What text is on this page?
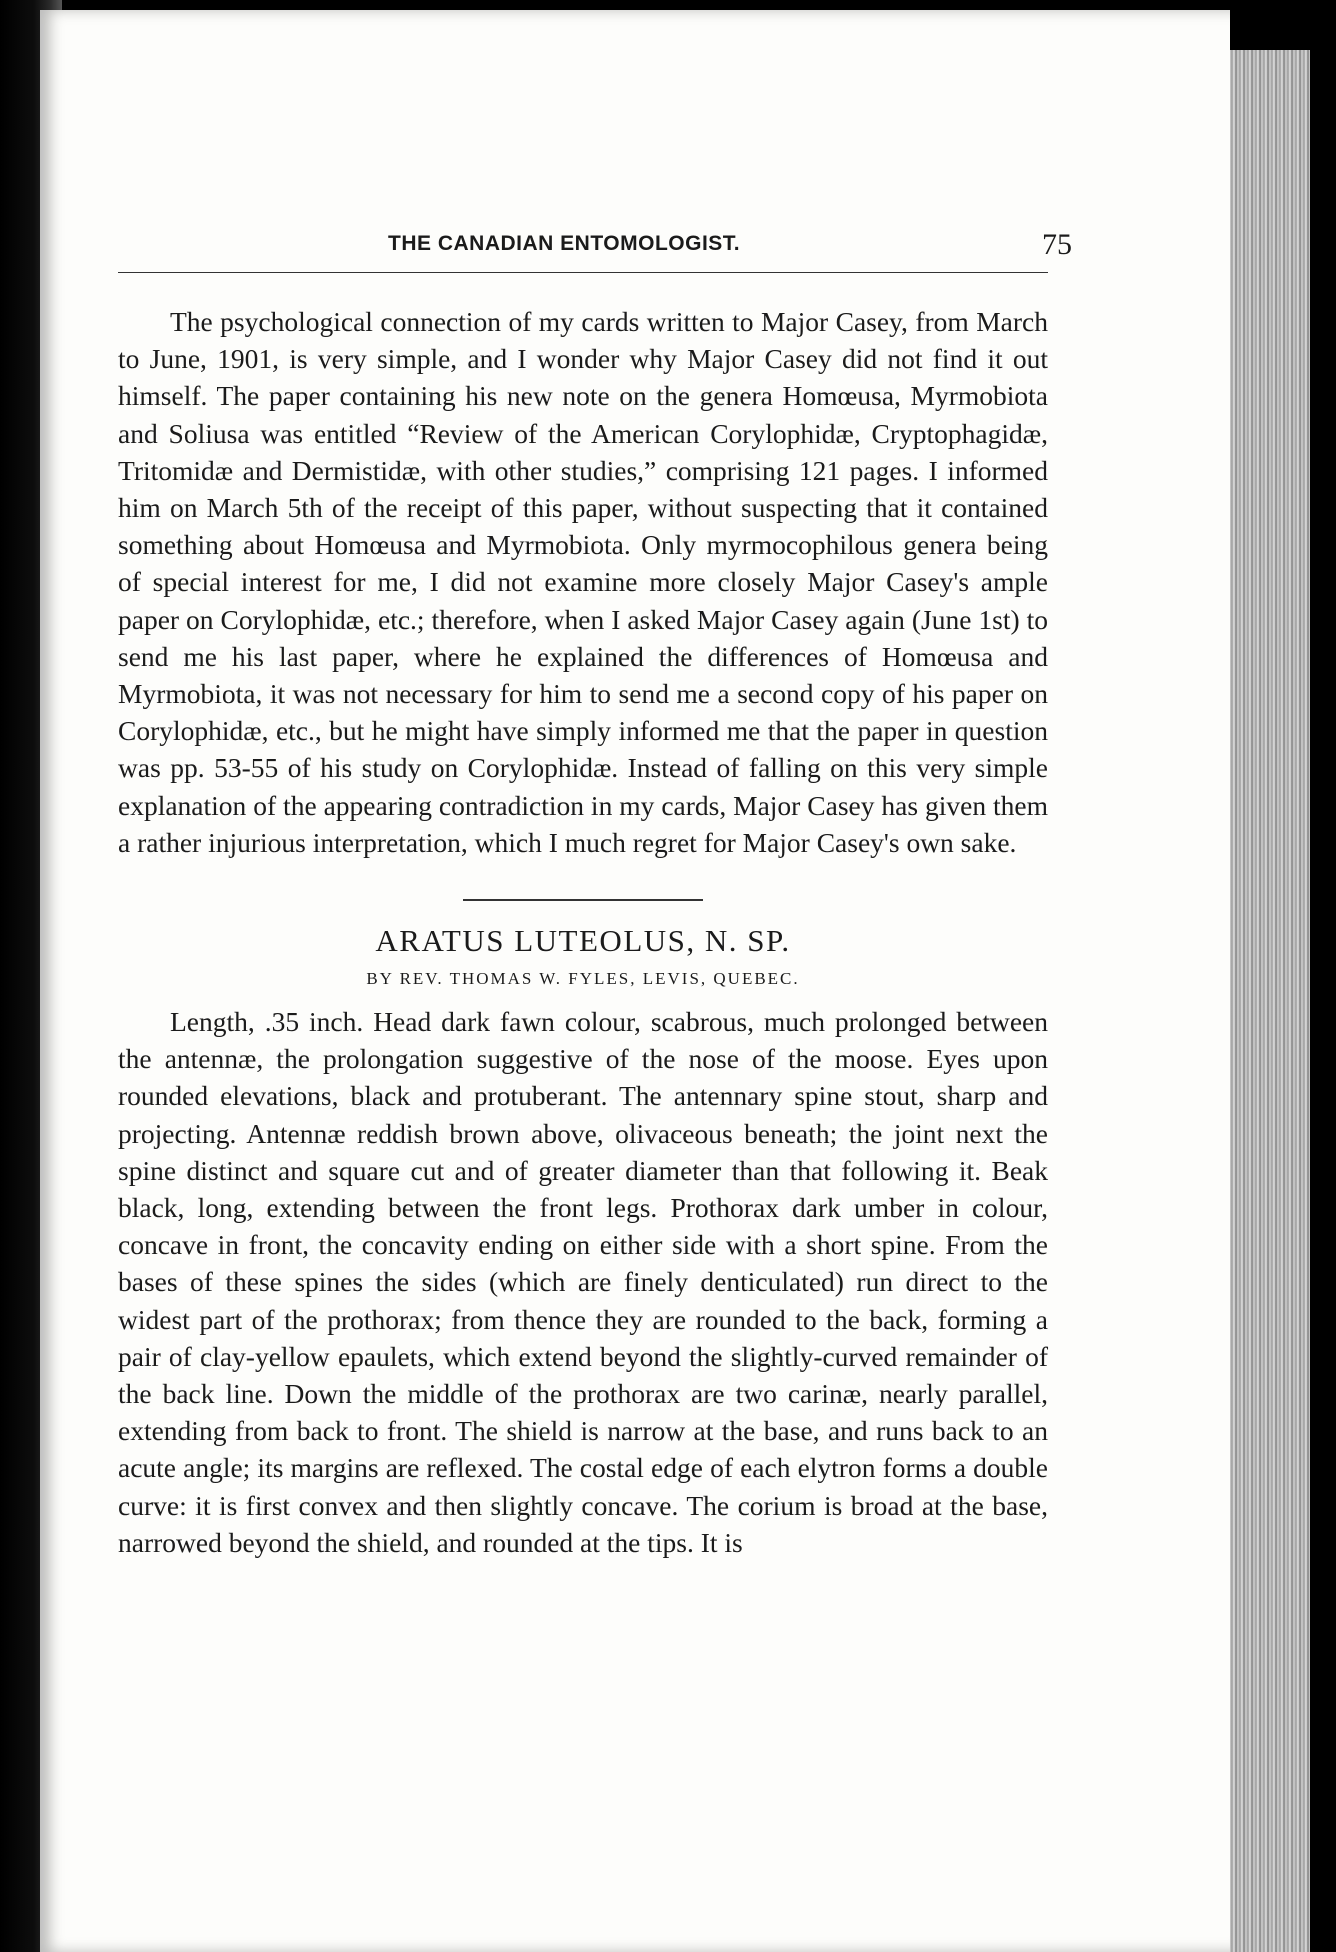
THE CANADIAN ENTOMOLOGIST.	75

The psychological connection of my cards written to Major Casey, from March to June, 1901, is very simple, and I wonder why Major Casey did not find it out himself. The paper containing his new note on the genera Homœusa, Myrmobiota and Soliusa was entitled “Review of the American Corylophidæ, Cryptophagidæ, Tritomidæ and Dermistidæ, with other studies,” comprising 121 pages. I informed him on March 5th of the receipt of this paper, without suspecting that it contained something about Homœusa and Myrmobiota. Only myrmocophilous genera being of special interest for me, I did not examine more closely Major Casey's ample paper on Corylophidæ, etc.; therefore, when I asked Major Casey again (June 1st) to send me his last paper, where he explained the differences of Homœusa and Myrmobiota, it was not necessary for him to send me a second copy of his paper on Corylophidæ, etc., but he might have simply informed me that the paper in question was pp. 53-55 of his study on Corylophidæ. Instead of falling on this very simple explanation of the appearing contradiction in my cards, Major Casey has given them a rather injurious interpretation, which I much regret for Major Casey's own sake.

ARATUS LUTEOLUS, N. SP.
BY REV. THOMAS W. FYLES, LEVIS, QUEBEC.

Length, .35 inch. Head dark fawn colour, scabrous, much prolonged between the antennæ, the prolongation suggestive of the nose of the moose. Eyes upon rounded elevations, black and protuberant. The antennary spine stout, sharp and projecting. Antennæ reddish brown above, olivaceous beneath; the joint next the spine distinct and square cut and of greater diameter than that following it. Beak black, long, extending between the front legs. Prothorax dark umber in colour, concave in front, the concavity ending on either side with a short spine. From the bases of these spines the sides (which are finely denticulated) run direct to the widest part of the prothorax; from thence they are rounded to the back, forming a pair of clay-yellow epaulets, which extend beyond the slightly-curved remainder of the back line. Down the middle of the prothorax are two carinæ, nearly parallel, extending from back to front. The shield is narrow at the base, and runs back to an acute angle; its margins are reflexed. The costal edge of each elytron forms a double curve: it is first convex and then slightly concave. The corium is broad at the base, narrowed beyond the shield, and rounded at the tips. It is
